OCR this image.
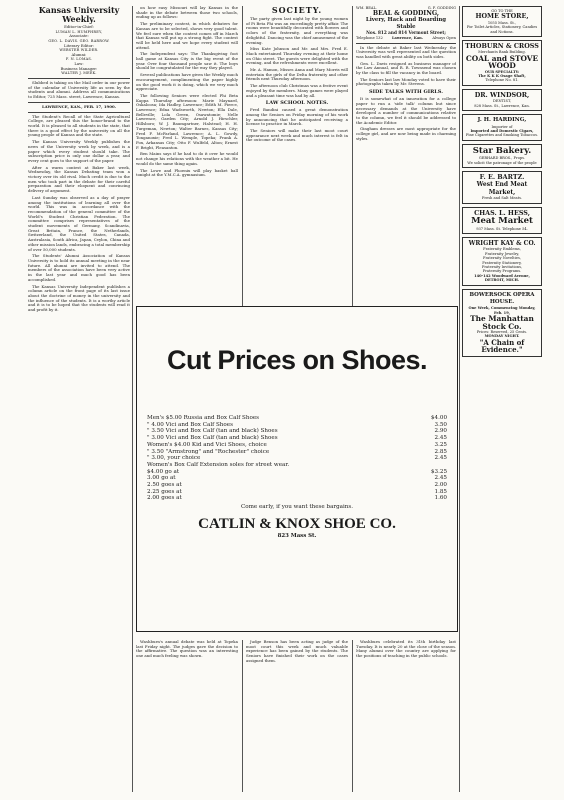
Kansas University Weekly.
Editor-in-Chief:
LUMAN L. HUMPHREY,
Associate:
GEO. L. DAVIS. GEO. BARROW.
Literary Editor:
WEBSTER WILDER.
Alumni:
F. N. LOMAS.
Law:
Business Manager:
WALTER J. MEEK.

Slubbed is taking on the Mail order in our power of the calendar of University life as seen by the students and alumni. Address all communications to Editor, 725 Mass. street, Lawrence, Kansas.

LAWRENCE, KAN., FEB. 17, 1900.

The Student's Recall of the State Agricultural College, are pleased this the honor-brand to the world. It is pleased to all students in the state, that there is a good effect by the university on all the young people of Kansas and the state.

The Kansas University Weekly publishes the news of the University week by week, and is a paper which every student should take. The subscription price is only one dollar a year, and every cent goes to the support of the paper.

After a warm contest at Baker last week, Wednesday, the Kansas Debating team won a victory over its old rival. Much credit is due to the men who took part in the debate for their careful preparation and their eloquent and convincing delivery of argument.

Last Sunday was observed as a day of prayer among the institutions of learning all over the world. This was in accordance with the recommendation of the general committee of the World's Student Christian Federation. The committee comprises representatives of the student movements of Germany, Scandinavia, Great Britain, France, the Netherlands, Switzerland, the United States, Canada, Australasia, South Africa, Japan, Ceylon, China and other mission lands, embracing a total membership of over 50,000 students.

The Students' Alumni Association of Kansas University is to hold its annual meeting in the near future. All alumni are invited to attend. The members of the association have been very active in the last year and much good has been accomplished.

The Kansas University Independent publishes a column article on the front page of its last issue about the doctrine of money in the university and the influence of the students. It is a worthy article and it is to be hoped that the students will read it and profit by it.

on how easy Missouri will lay Kansas in the shade in the debate between those two schools, ending up as follows:

The preliminary contest, in which debaters for Kansas are to be selected, shows very good talent. We feel sure when the contest comes off in March that Kansas will put up a strong fight. The contest will be held here and we hope every student will attend.

The Independent says: The Thanksgiving foot ball game at Kansas City is the big event of the year. Over four thousand people saw it. The boys should be congratulated for the way they played.

Several publications have given the Weekly much encouragement, complimenting the paper highly on the good work it is doing, which we very much appreciate.

The following Seniors were elected Phi Beta Kappa Thursday afternoon: Marie Maynard, Oskaloosa; Ida Hadley, Lawrence; Edith M. Pierce, Lawrence; Edna Wadsworth, Newton; Ella Dale, Belleville; Lola Green, Osawatomie; Nelle Lawrence, Garden City; Arnold J. Hirschler, Hillsboro; W. J. Baumgartner, Halstead; H. H. Turgeman, Newton; Walter Barnes, Kansas City; Fred F. McFarland, Lawrence; A. L. Gowdy, Tonganoxie; Fred L. Wemple, Topeka; Frank A. Fox, Arkansas City; Otto F. Wulfeld, Alton; Ernest F. Bright, Pleasanton.

Ben Mains says if he had to do it over he would not change his relations with the weather a bit. He would do the same thing again.

The Lowe and Phoenix will play basket ball tonight at the Y.M.C.A. gymnasium.

SOCIETY.

The party given last night by the young women of Pi Beta Phi was an exceedingly pretty affair. The rooms were beautifully decorated with flowers and colors of the fraternity, and everything was delightful. Dancing was the chief amusement of the evening.

Miss Kate Johnson and Mr. and Mrs. Fred E. Mack entertained Thursday evening at their home on Ohio street. The guests were delighted with the evening, and the refreshments were excellent.

Mr. A. Hamon, Misses Anna and Mary Morris will entertain the girls of the Delta fraternity and other friends next Thursday afternoon.

The afternoon club Christmas was a festive event enjoyed by the members. Many games were played and a pleasant time was had by all.

LAW SCHOOL NOTES.

Fred Bandini caused a great demonstration among the Seniors on Friday morning of his work by announcing that he anticipated receiving a license to practice in March.

The Seniors will make their last moot court appearance next week and much interest is felt in the outcome of the cases.

WM. BEAL.	G. F. GODDING
BEAL & GODDING,
Livery, Hack and Boarding Stable
Nos. 812 and 814 Vermont Street;
Telephone 132	Lawrence, Kan.	Always Open

In the debate at Baker last Wednesday the University was well represented and the question was handled with great ability on both sides.

Gen. L. Davis resigned as business manager of the Law Annual, and R. R. Townsend was chosen by the class to fill the vacancy in the board.

The Seniors last law Monday voted to have their photographs taken by Mr. Stevens.

SIDE TALKS WITH GIRLS.

It is somewhat of an innovation for a college paper to run a 'side talk' column but since necessary demands at the University have developed a number of communications relative to the column, we feel it should be addressed to the Academic Editor.

Gingham dresses are most appropriate for the college girl, and are now being made in charming styles.

GO TO THE
HOME STORE,
1055 Mass. St.,
For Toilet Articles, Stationery, Candies and Notions.
THOBURN & CROSS
Merchants Bank Building.
COAL and STOVE WOOD
OUR SPECIALTY:
The K K K Osage Shaft,
Telephone No. 81.
DR. WINDSOR,
DENTIST,
828 Mass. St., Lawrence, Kan.
J. H. HARDING,
Importer of
Imported and Domestic Cigars,
Fine Cigarettes and Smoking Tobaccos.
Star Bakery.
GERHARD BROS., Props.
We solicit the patronage of the people
F. E. BARTZ.
West End Meat Market,
Fresh and Salt Meats.
CHAS. L. HESS,
Meat Market
937 Mass. St. Telephone 54.
WRIGHT KAY & CO.
Fraternity Emblems,
Fraternity Jewelry,
Fraternity Novelties,
Fraternity Stationery,
Fraternity Invitations,
Fraternity Programs.
140-142 Woodward Avenue, DETROIT, MICH.
BOWERSOCK OPERA HOUSE.
One Week, Commencing Monday, Feb. 19,
The Manhattan Stock Co.
Prices: Reserved, 25 Cents.
MONDAY NIGHT.
"A Chain of Evidence."
Cut Prices on Shoes.
Men's $5.00 Russia and Box Calf Shoes	$4.00
" 4.00 Vici and Box Calf Shoes	3.50
" 3.50 Vici and Box Calf (tan and black) Shoes	2.90
" 3.00 Vici and Box Calf (tan and black) Shoes	2.45
Women's $4.00 Kid and Vici Shoes, choice	3.25
" 3.50 "Armstrong" and "Rochester" choice	2.85
" 3.00, your choice	2.45
Women's Box Calf Extension soles for street wear.
$4.00 go at	$3.25
3.00 go at	2.45
2.50 goes at	2.00
2.25 goes at	1.85
2.00 goes at	1.60
Come early, if you want these bargains.
CATLIN & KNOX SHOE CO.
823 Mass St.

Washburn's annual debate was held at Topeka last Friday night. The judges gave the decision to the affirmative. The question was an interesting one and much feeling was shown.

Judge Benson has been acting as judge of the moot court this week and much valuable experience has been gained by the students. The Seniors have finished their work on the cases assigned them.

Washburn celebrated its 31th birthday last Tuesday. It is nearly 20 at the close of the season. Many alumni over the country are applying for the positions of teaching in the public schools.
